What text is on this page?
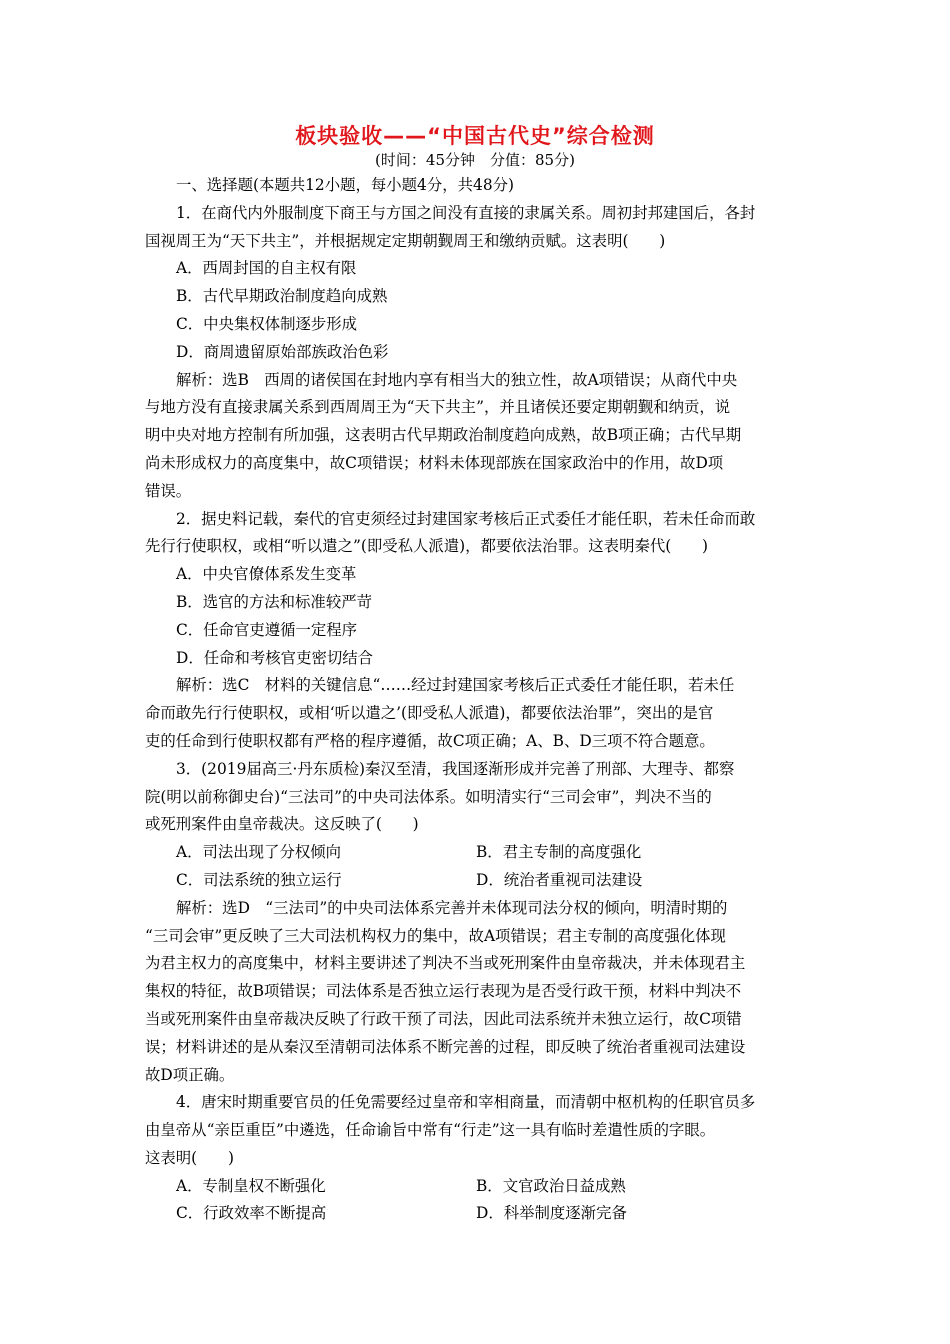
板块验收——“中国古代史”综合检测
(时间：45分钟　分值：85分)
一、选择题(本题共12小题，每小题4分，共48分)
1．在商代内外服制度下商王与方国之间没有直接的隶属关系。周初封邦建国后，各封
国视周王为“天下共主”，并根据规定定期朝觐周王和缴纳贡赋。这表明(　　)
A．西周封国的自主权有限
B．古代早期政治制度趋向成熟
C．中央集权体制逐步形成
D．商周遗留原始部族政治色彩
解析：选B　西周的诸侯国在封地内享有相当大的独立性，故A项错误；从商代中央
与地方没有直接隶属关系到西周周王为“天下共主”，并且诸侯还要定期朝觐和纳贡，说
明中央对地方控制有所加强，这表明古代早期政治制度趋向成熟，故B项正确；古代早期
尚未形成权力的高度集中，故C项错误；材料未体现部族在国家政治中的作用，故D项
错误。
2．据史料记载，秦代的官吏须经过封建国家考核后正式委任才能任职，若未任命而敢
先行行使职权，或相“听以遣之”(即受私人派遣)，都要依法治罪。这表明秦代(　　)
A．中央官僚体系发生变革
B．选官的方法和标准较严苛
C．任命官吏遵循一定程序
D．任命和考核官吏密切结合
解析：选C　材料的关键信息“……经过封建国家考核后正式委任才能任职，若未任
命而敢先行行使职权，或相‘听以遣之’(即受私人派遣)，都要依法治罪”，突出的是官
吏的任命到行使职权都有严格的程序遵循，故C项正确；A、B、D三项不符合题意。
3．(2019届高三·丹东质检)秦汉至清，我国逐渐形成并完善了刑部、大理寺、都察
院(明以前称御史台)“三法司”的中央司法体系。如明清实行“三司会审”，判决不当的
或死刑案件由皇帝裁决。这反映了(　　)
A．司法出现了分权倾向	B．君主专制的高度强化
C．司法系统的独立运行	D．统治者重视司法建设
解析：选D　“三法司”的中央司法体系完善并未体现司法分权的倾向，明清时期的
“三司会审”更反映了三大司法机构权力的集中，故A项错误；君主专制的高度强化体现
为君主权力的高度集中，材料主要讲述了判决不当或死刑案件由皇帝裁决，并未体现君主
集权的特征，故B项错误；司法体系是否独立运行表现为是否受行政干预，材料中判决不
当或死刑案件由皇帝裁决反映了行政干预了司法，因此司法系统并未独立运行，故C项错
误；材料讲述的是从秦汉至清朝司法体系不断完善的过程，即反映了统治者重视司法建设
故D项正确。
4．唐宋时期重要官员的任免需要经过皇帝和宰相商量，而清朝中枢机构的任职官员多
由皇帝从“亲臣重臣”中遴选，任命谕旨中常有“行走”这一具有临时差遣性质的字眼。
这表明(　　)
A．专制皇权不断强化	B．文官政治日益成熟
C．行政效率不断提高	D．科举制度逐渐完备
